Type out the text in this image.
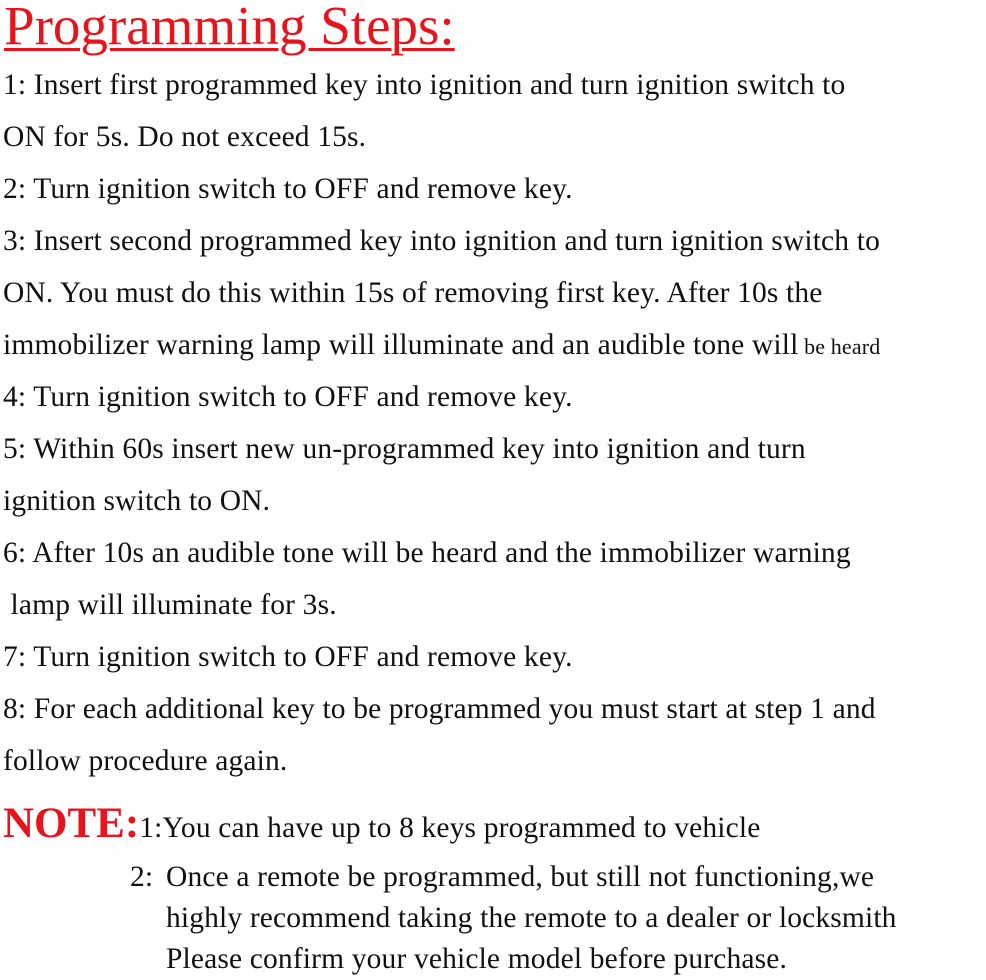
Programming Steps:
1: Insert first programmed key into ignition and turn ignition switch to
ON for 5s. Do not exceed 15s.
2: Turn ignition switch to OFF and remove key.
3: Insert second programmed key into ignition and turn ignition switch to
ON. You must do this within 15s of removing first key. After 10s the
immobilizer warning lamp will illuminate and an audible tone will be heard
4: Turn ignition switch to OFF and remove key.
5: Within 60s insert new un-programmed key into ignition and turn
ignition switch to ON.
6: After 10s an audible tone will be heard and the immobilizer warning
lamp will illuminate for 3s.
7: Turn ignition switch to OFF and remove key.
8: For each additional key to be programmed you must start at step 1 and
follow procedure again.
NOTE:1:You can have up to 8 keys programmed to vehicle
2: Once a remote be programmed, but still not functioning,we
highly recommend taking the remote to a dealer or locksmith
Please confirm your vehicle model before purchase.
